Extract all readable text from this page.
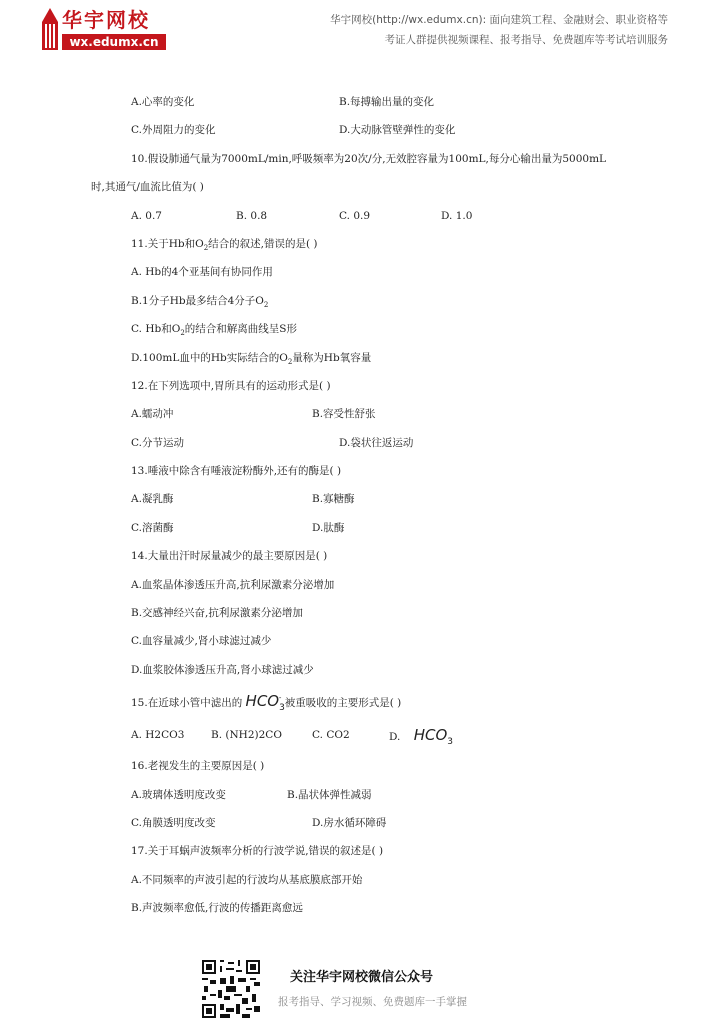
华宇网校
wx.edumx.cn
华宇网校(http://wx.edumx.cn): 面向建筑工程、金融财会、职业资格等
考证人群提供视频课程、报考指导、免费题库等考试培训服务
A.心率的变化	B.每搏输出量的变化
C.外周阻力的变化	D.大动脉管壁弹性的变化
10.假设肺通气量为7000mL/min,呼吸频率为20次/分,无效腔容量为100mL,每分心输出量为5000mL
时,其通气/血流比值为( )
A. 0.7	B. 0.8	C. 0.9	D. 1.0
11.关于Hb和$O_2$结合的叙述,错误的是( )
A. Hb的4个亚基间有协同作用
B.1分子Hb最多结合4分子$O_2$
C. Hb和$O_2$的结合和解离曲线呈S形
D.100mL血中的Hb实际结合的$O_2$量称为Hb氧容量
12.在下列选项中,胃所具有的运动形式是( )
A.蠕动冲	B.容受性舒张
C.分节运动	D.袋状往返运动
13.唾液中除含有唾液淀粉酶外,还有的酶是( )
A.凝乳酶	B.寡糖酶
C.溶菌酶	D.肽酶
14.大量出汗时尿量减少的最主要原因是( )
A.血浆晶体渗透压升高,抗利尿激素分泌增加
B.交感神经兴奋,抗利尿激素分泌增加
C.血容量减少,肾小球滤过减少
D.血浆胶体渗透压升高,肾小球滤过减少
15.在近球小管中滤出的 $HCO_3^-$ 被重吸收的主要形式是( )
A. H2CO3	B. (NH2)2CO	C. CO2	D. $HCO_3$
16.老视发生的主要原因是( )
A.玻璃体透明度改变	B.晶状体弹性减弱
C.角膜透明度改变	D.房水循环障碍
17.关于耳蜗声波频率分析的行波学说,错误的叙述是( )
A.不同频率的声波引起的行波均从基底膜底部开始
B.声波频率愈低,行波的传播距离愈远
关注华宇网校微信公众号
报考指导、学习视频、免费题库一手掌握
